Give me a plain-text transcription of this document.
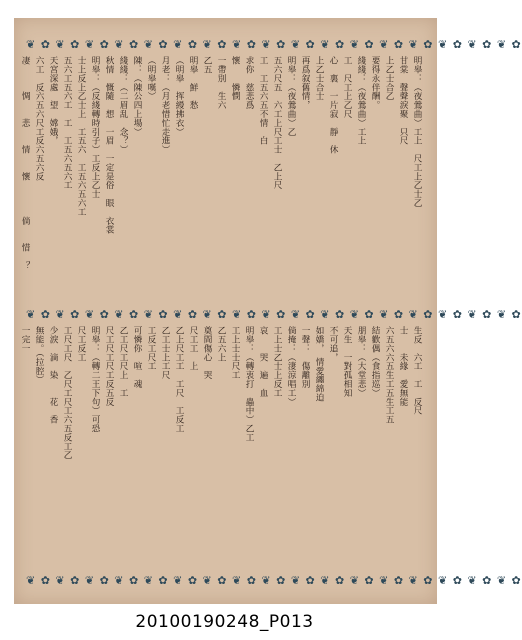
❦ ✿ ❦ ✿ ❦ ✿ ❦ ✿ ❦ ✿ ❦ ✿ ❦ ✿ ❦ ✿ ❦ ✿ ❦ ✿ ❦ ✿ ❦ ✿ ❦ ✿ ❦ ✿ ❦ ✿ ❦ ✿ ❦ ✿
明皋：（夜鶯曲）工上　尺工上乙士乙
甘棠　聲聲淚聚　只尺
上乙士合乙
要得永伴酬。
綫綫：（夜鶯曲）工上
工　尺工上乙尺
心　裏　一片寂　靜　休
上乙士合士
再爲叙舊情，
明皋：（夜鶯曲）乙
五六尺五　六工上尺工士　乙上尺
工　工五六五不情　白
求你　慈悲爲
懷　　憐憫
一帶別　生六
乙五
明皋　鮮　愁
（明皋　挥縵拂衣）
月老：（月老惜忙走進）
（明皋嘆）
陳：（陳公四上場）
綫綫：（二眉乱　念？）
秋情　慨隨　想　一眉　一定是俗　眼　衣裳
明皋：（反綫轉時引子）工反上乙士
士上反上乙士上　工五六　工五六五六工
五六工五六工　工　工五六五六工
天宮深處　望　嫦娥，
六工　反六五六尺工反六五六反
凄　　　惆　　悲　　情　　懷　　　　倘　　惜　？
❦ ✿ ❦ ✿ ❦ ✿ ❦ ✿ ❦ ✿ ❦ ✿ ❦ ✿ ❦ ✿ ❦ ✿ ❦ ✿ ❦ ✿ ❦ ✿ ❦ ✿ ❦ ✿ ❦ ✿ ❦ ✿ ❦ ✿
生反　六工　工　反尺
士　　未緣　愛無能
六五六六五生工五生工五
結歡偶（食指巡）
朋皋：（大堂悲）
天生　一對孤相知
不可追，
如嬌，　情愛纏綿迫
一聲：　傷離別
倘掩：（淒涼唱工）
工上士乙士上反工
哀　　哭　遍　血
明皋：（轉衷打　蟲中）乙工
工上士士尺工
乙五六上
奠間傷心　哭
尺工工　上
乙上尺工工　工尺　工反工
乙工士上工尺
工反工尺工
可憐你　喧　魂
乙工尺工尺上　工
尺工尺工尺工反五反
明皋：（轉二王下句）可恐
尺工反工
工尺工尺　乙尺工尺工六五反工乙
少淚　滴　染　　花　香
無能。（拉腔）
一完一
❦ ✿ ❦ ✿ ❦ ✿ ❦ ✿ ❦ ✿ ❦ ✿ ❦ ✿ ❦ ✿ ❦ ✿ ❦ ✿ ❦ ✿ ❦ ✿ ❦ ✿ ❦ ✿ ❦ ✿ ❦ ✿ ❦ ✿
20100190248_P013
